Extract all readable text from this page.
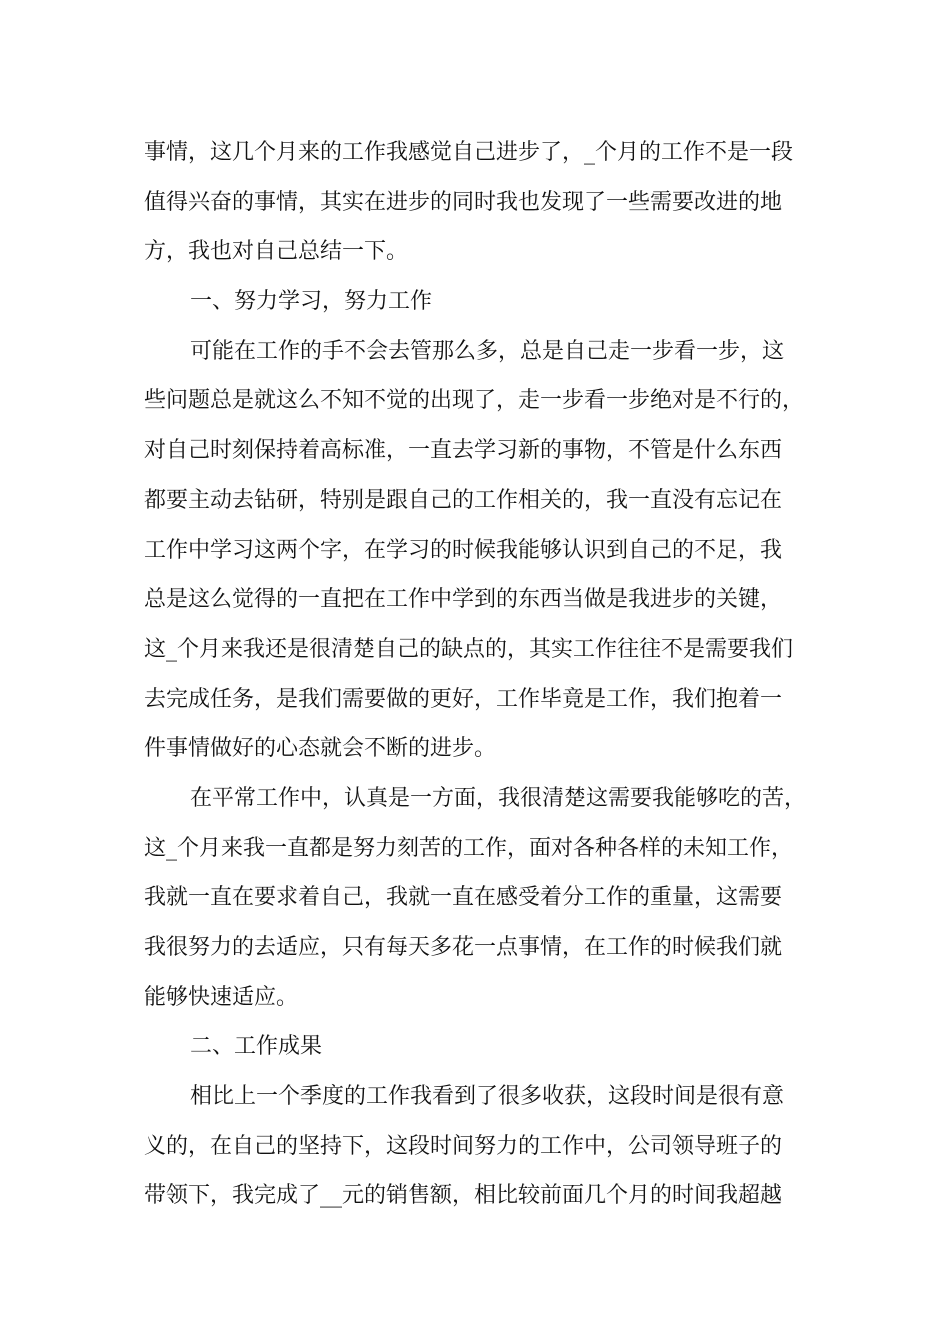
事情，这几个月来的工作我感觉自己进步了，_个月的工作不是一段
值得兴奋的事情，其实在进步的同时我也发现了一些需要改进的地
方，我也对自己总结一下。
一、努力学习，努力工作
可能在工作的手不会去管那么多，总是自己走一步看一步，这
些问题总是就这么不知不觉的出现了，走一步看一步绝对是不行的，
对自己时刻保持着高标准，一直去学习新的事物，不管是什么东西
都要主动去钻研，特别是跟自己的工作相关的，我一直没有忘记在
工作中学习这两个字，在学习的时候我能够认识到自己的不足，我
总是这么觉得的一直把在工作中学到的东西当做是我进步的关键，
这_个月来我还是很清楚自己的缺点的，其实工作往往不是需要我们
去完成任务，是我们需要做的更好，工作毕竟是工作，我们抱着一
件事情做好的心态就会不断的进步。
在平常工作中，认真是一方面，我很清楚这需要我能够吃的苦，
这_个月来我一直都是努力刻苦的工作，面对各种各样的未知工作，
我就一直在要求着自己，我就一直在感受着分工作的重量，这需要
我很努力的去适应，只有每天多花一点事情，在工作的时候我们就
能够快速适应。
二、工作成果
相比上一个季度的工作我看到了很多收获，这段时间是很有意
义的，在自己的坚持下，这段时间努力的工作中，公司领导班子的
带领下，我完成了__元的销售额，相比较前面几个月的时间我超越
